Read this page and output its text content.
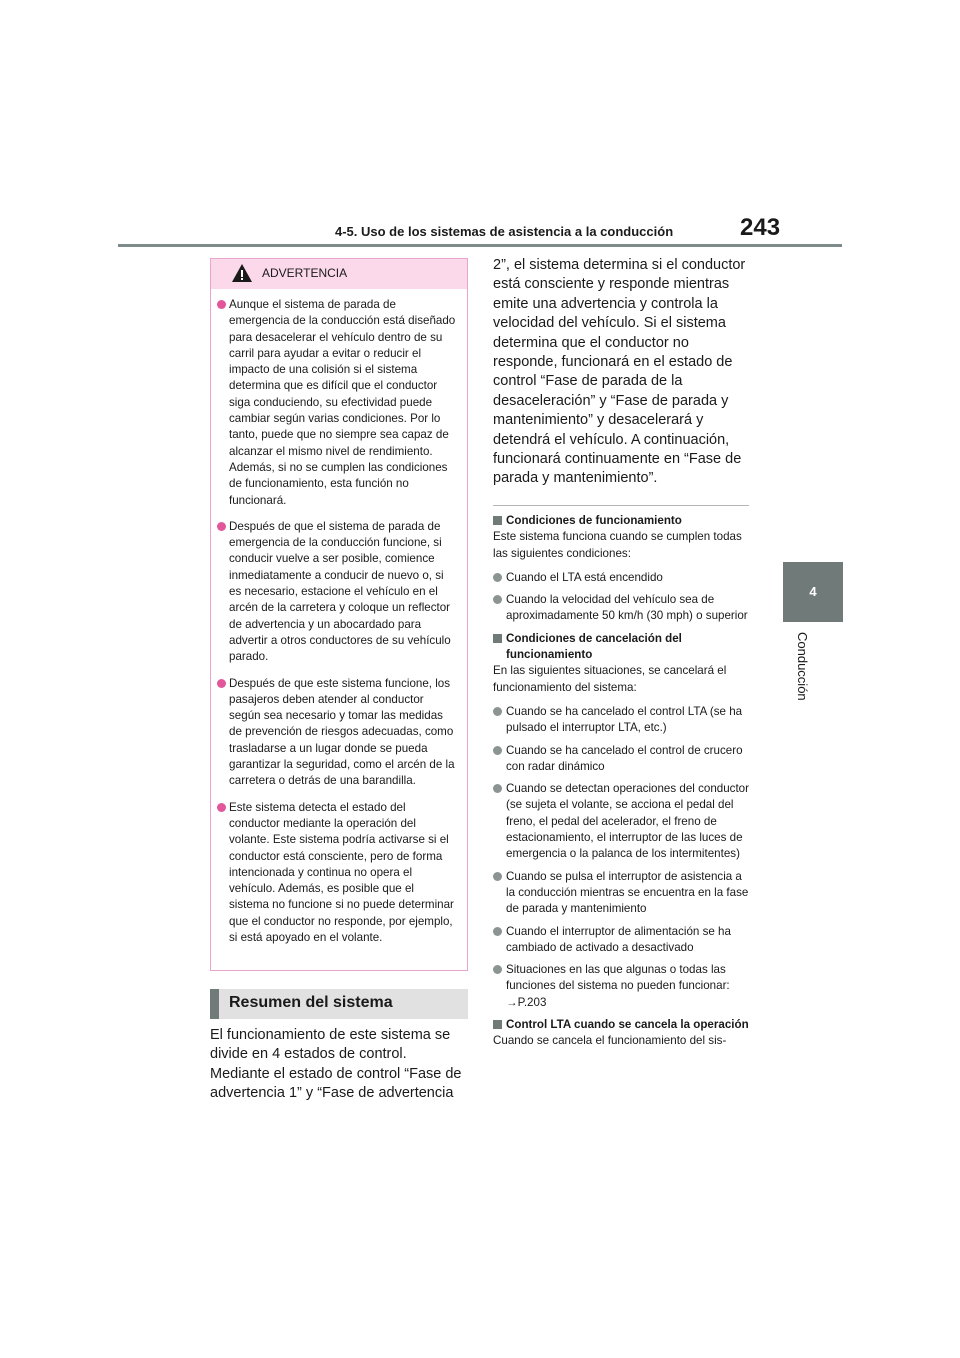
4-5. Uso de los sistemas de asistencia a la conducción	243
4
Conducción
ADVERTENCIA
Aunque el sistema de parada de emergencia de la conducción está diseñado para desacelerar el vehículo dentro de su carril para ayudar a evitar o reducir el impacto de una colisión si el sistema determina que es difícil que el conductor siga conduciendo, su efectividad puede cambiar según varias condiciones. Por lo tanto, puede que no siempre sea capaz de alcanzar el mismo nivel de rendimiento. Además, si no se cumplen las condiciones de funcionamiento, esta función no funcionará.
Después de que el sistema de parada de emergencia de la conducción funcione, si conducir vuelve a ser posible, comience inmediatamente a conducir de nuevo o, si es necesario, estacione el vehículo en el arcén de la carretera y coloque un reflector de advertencia y un abocardado para advertir a otros conductores de su vehículo parado.
Después de que este sistema funcione, los pasajeros deben atender al conductor según sea necesario y tomar las medidas de prevención de riesgos adecuadas, como trasladarse a un lugar donde se pueda garantizar la seguridad, como el arcén de la carretera o detrás de una barandilla.
Este sistema detecta el estado del conductor mediante la operación del volante. Este sistema podría activarse si el conductor está consciente, pero de forma intencionada y continua no opera el vehículo. Además, es posible que el sistema no funcione si no puede determinar que el conductor no responde, por ejemplo, si está apoyado en el volante.
Resumen del sistema
El funcionamiento de este sistema se divide en 4 estados de control. Mediante el estado de control “Fase de advertencia 1” y “Fase de advertencia
2”, el sistema determina si el conductor está consciente y responde mientras emite una advertencia y controla la velocidad del vehículo. Si el sistema determina que el conductor no responde, funcionará en el estado de control “Fase de parada de la desaceleración” y “Fase de parada y mantenimiento” y desacelerará y detendrá el vehículo. A continuación, funcionará continuamente en “Fase de parada y mantenimiento”.
Condiciones de funcionamiento
Este sistema funciona cuando se cumplen todas las siguientes condiciones:
Cuando el LTA está encendido
Cuando la velocidad del vehículo sea de aproximadamente 50 km/h (30 mph) o superior
Condiciones de cancelación del funcionamiento
En las siguientes situaciones, se cancelará el funcionamiento del sistema:
Cuando se ha cancelado el control LTA (se ha pulsado el interruptor LTA, etc.)
Cuando se ha cancelado el control de crucero con radar dinámico
Cuando se detectan operaciones del conductor (se sujeta el volante, se acciona el pedal del freno, el pedal del acelerador, el freno de estacionamiento, el interruptor de las luces de emergencia o la palanca de los intermitentes)
Cuando se pulsa el interruptor de asistencia a la conducción mientras se encuentra en la fase de parada y mantenimiento
Cuando el interruptor de alimentación se ha cambiado de activado a desactivado
Situaciones en las que algunas o todas las funciones del sistema no pueden funcionar: →P.203
Control LTA cuando se cancela la operación
Cuando se cancela el funcionamiento del sis-
